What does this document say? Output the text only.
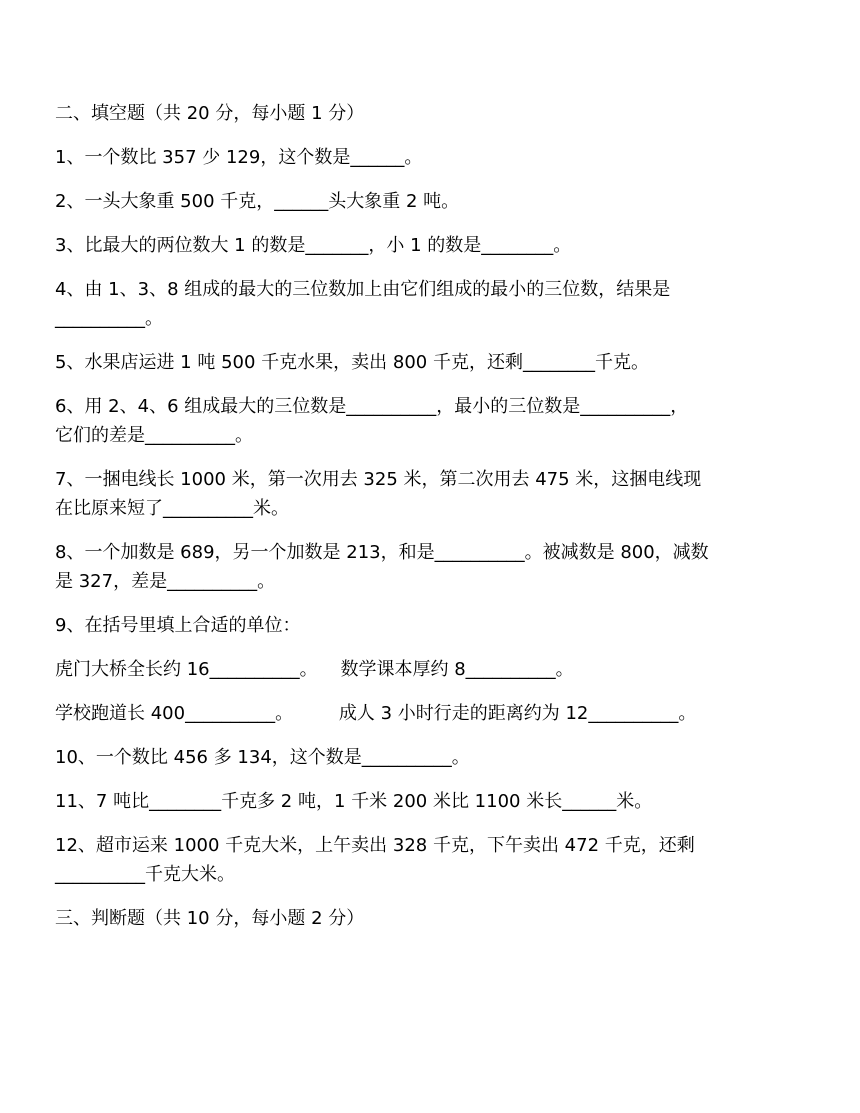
二、填空题（共 20 分，每小题 1 分）

1、一个数比 357 少 129，这个数是______。

2、一头大象重 500 千克，______头大象重 2 吨。

3、比最大的两位数大 1 的数是_______，小 1 的数是________。

4、由 1、3、8 组成的最大的三位数加上由它们组成的最小的三位数，结果是

__________。

5、水果店运进 1 吨 500 千克水果，卖出 800 千克，还剩________千克。

6、用 2、4、6 组成最大的三位数是__________，最小的三位数是__________，

它们的差是__________。

7、一捆电线长 1000 米，第一次用去 325 米，第二次用去 475 米，这捆电线现

在比原来短了__________米。

8、一个加数是 689，另一个加数是 213，和是__________。被减数是 800，减数

是 327，差是__________。

9、在括号里填上合适的单位：

虎门大桥全长约 16__________。    数学课本厚约 8__________。

学校跑道长 400__________。        成人 3 小时行走的距离约为 12__________。

10、一个数比 456 多 134，这个数是__________。

11、7 吨比________千克多 2 吨，1 千米 200 米比 1100 米长______米。

12、超市运来 1000 千克大米，上午卖出 328 千克，下午卖出 472 千克，还剩

__________千克大米。

三、判断题（共 10 分，每小题 2 分）
